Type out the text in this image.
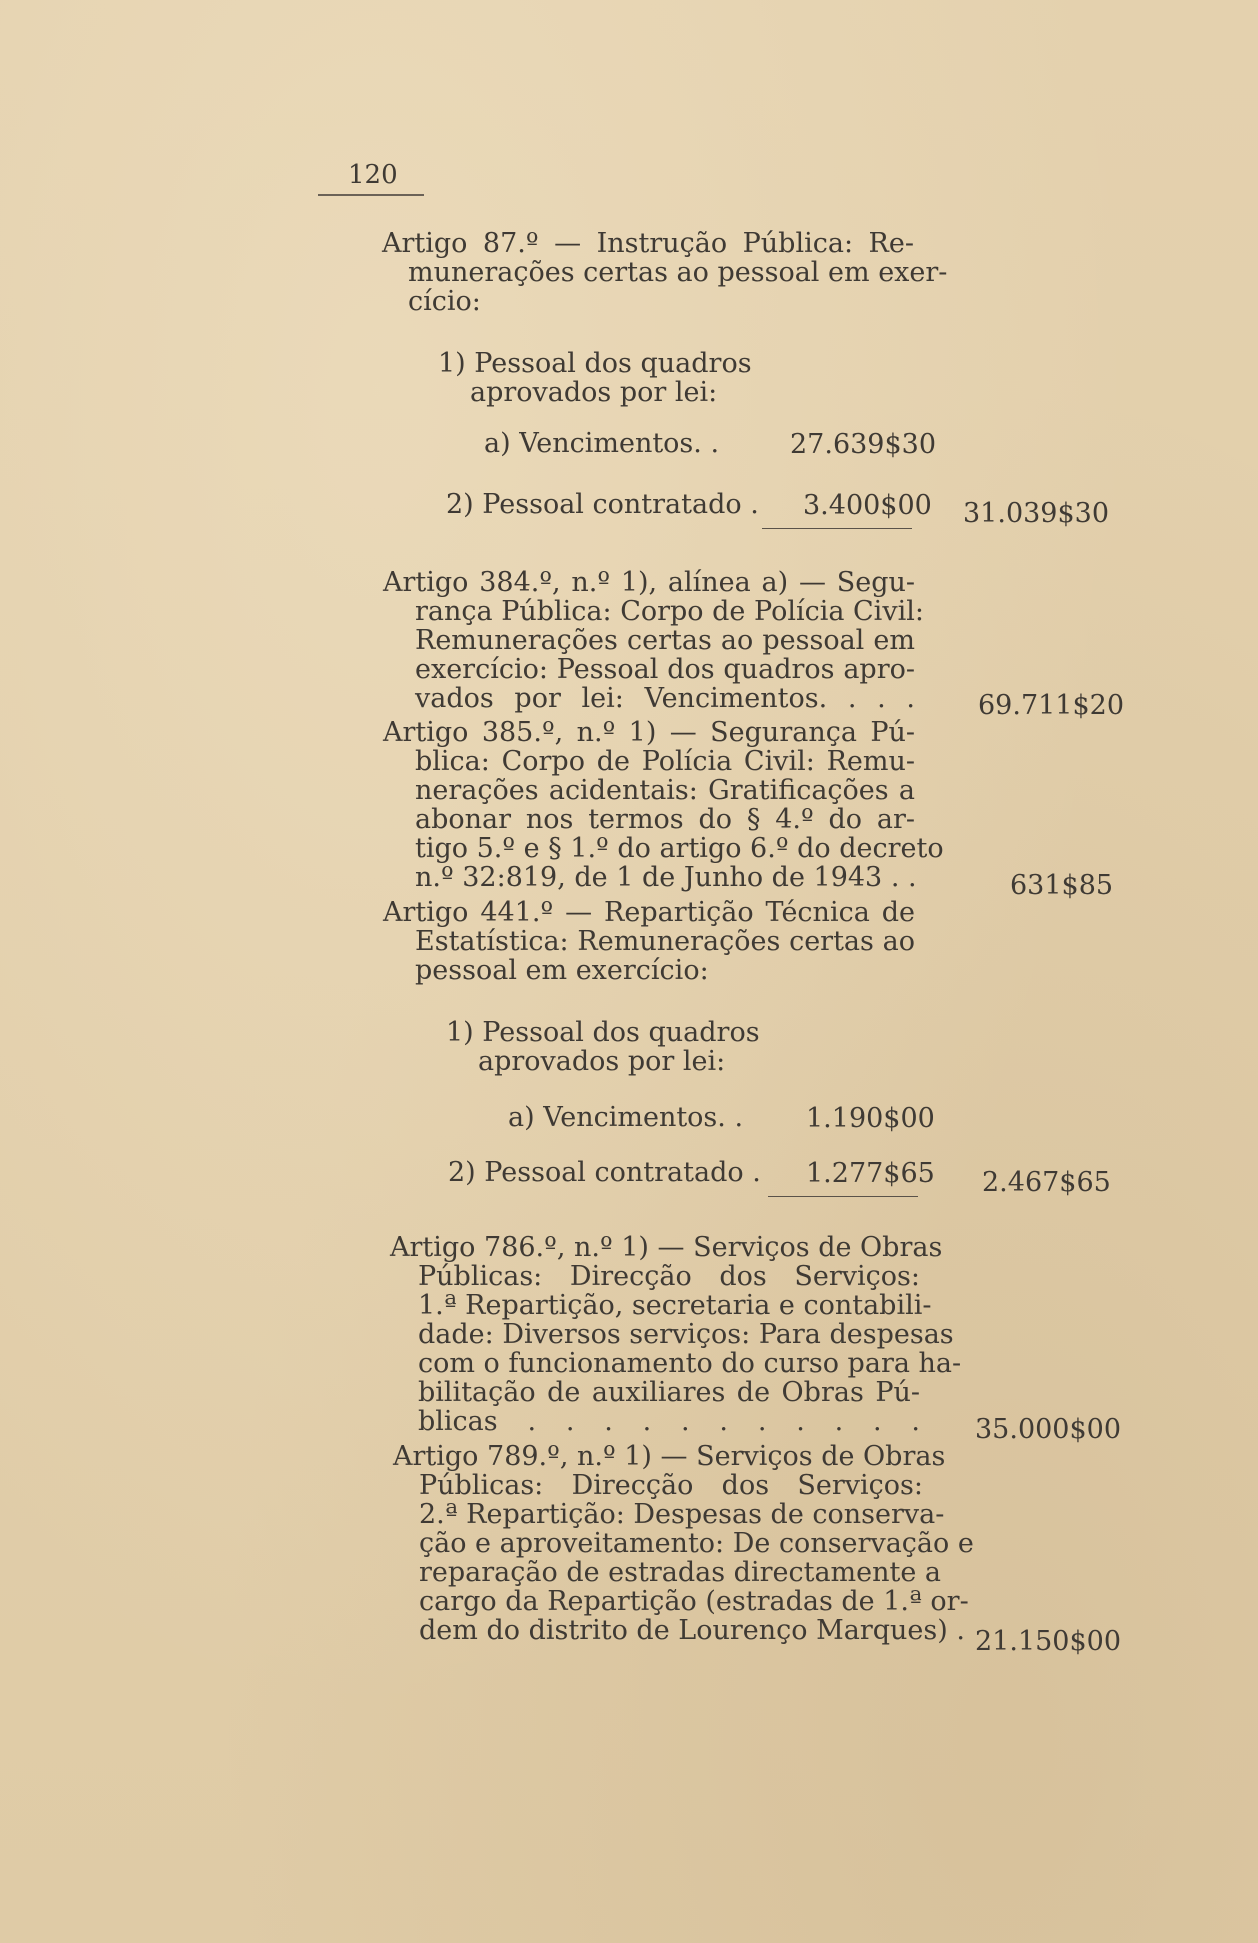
120
Artigo 87.º — Instrução Pública: Re-
munerações certas ao pessoal em exer-
cício:
1) Pessoal dos quadros
aprovados por lei:
a) Vencimentos. .	27.639$30
2) Pessoal contratado . 3.400$00 31.039$30
Artigo 384.º, n.º 1), alínea a) — Segu-
rança Pública: Corpo de Polícia Civil:
Remunerações certas ao pessoal em
exercício: Pessoal dos quadros apro-
vados por lei: Vencimentos. . . . 69.711$20
Artigo 385.º, n.º 1) — Segurança Pú-
blica: Corpo de Polícia Civil: Remu-
nerações acidentais: Gratificações a
abonar nos termos do § 4.º do ar-
tigo 5.º e § 1.º do artigo 6.º do decreto
n.º 32:819, de 1 de Junho de 1943 . .	631$85
Artigo 441.º — Repartição Técnica de
Estatística: Remunerações certas ao
pessoal em exercício:
1) Pessoal dos quadros
aprovados por lei:
a) Vencimentos. . 1.190$00
2) Pessoal contratado . 1.277$65 2.467$65
Artigo 786.º, n.º 1) — Serviços de Obras
Públicas: Direcção dos Serviços:
1.ª Repartição, secretaria e contabili-
dade: Diversos serviços: Para despesas
com o funcionamento do curso para ha-
bilitação de auxiliares de Obras Pú-
blicas . . . . . . . . . . . 35.000$00
Artigo 789.º, n.º 1) — Serviços de Obras
Públicas: Direcção dos Serviços:
2.ª Repartição: Despesas de conserva-
ção e aproveitamento: De conservação e
reparação de estradas directamente a
cargo da Repartição (estradas de 1.ª or-
dem do distrito de Lourenço Marques) . 21.150$00
